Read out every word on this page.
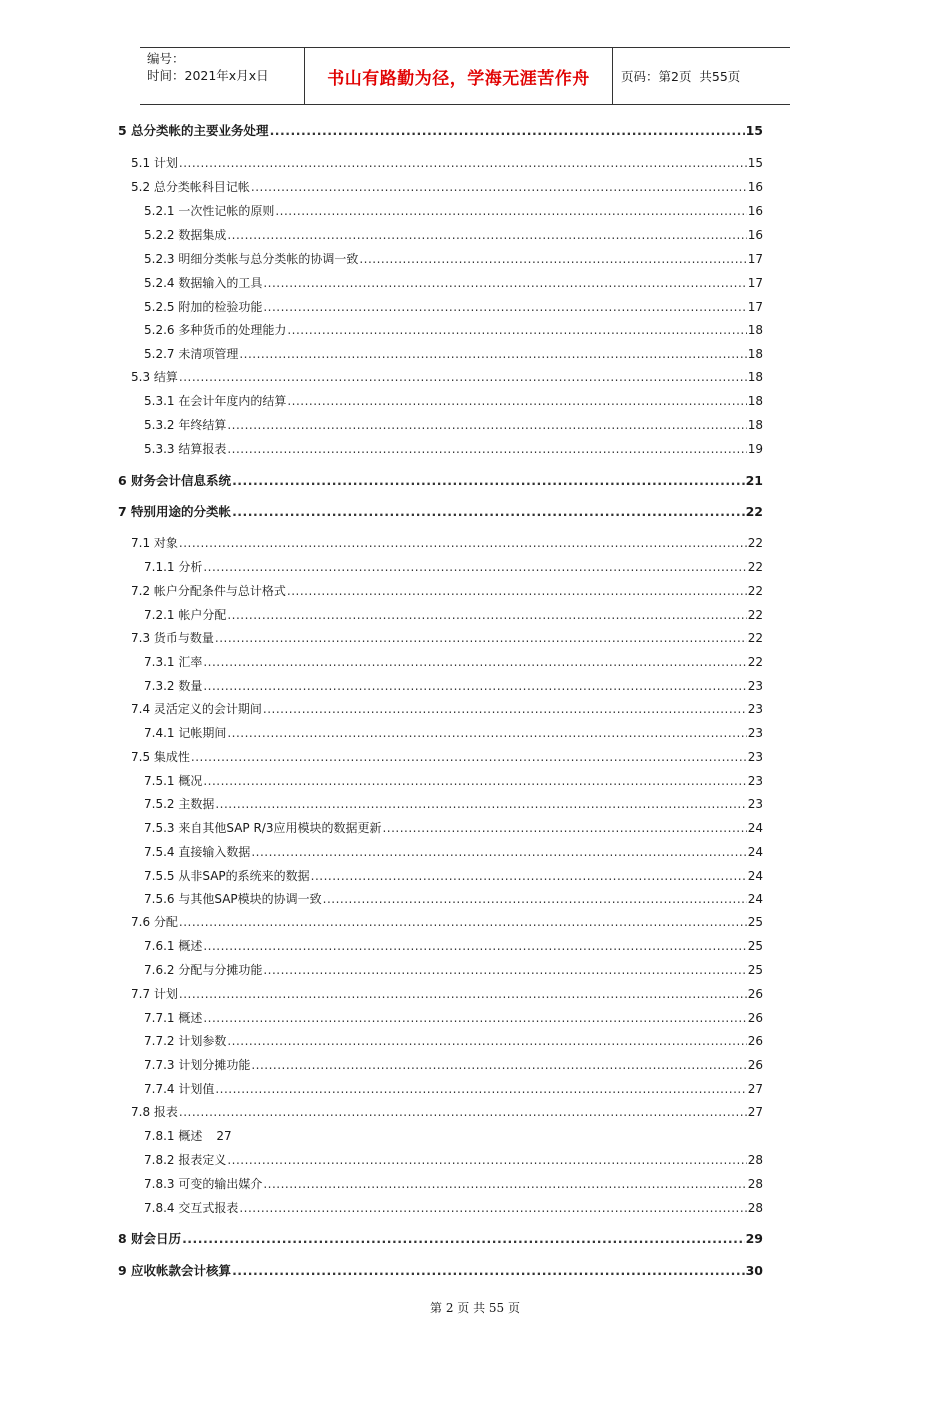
编号：
时间：2021年x月x日	书山有路勤为径，学海无涯苦作舟	页码：第2页  共55页
5 总分类帐的主要业务处理 .....	15
5.1 计划 .....	15
5.2 总分类帐科目记帐 .....	16
5.2.1 一次性记帐的原则 .....	16
5.2.2 数据集成 .....	16
5.2.3 明细分类帐与总分类帐的协调一致 .....	17
5.2.4 数据输入的工具 .....	17
5.2.5 附加的检验功能 .....	17
5.2.6 多种货币的处理能力 .....	18
5.2.7 未清项管理 .....	18
5.3 结算 .....	18
5.3.1 在会计年度内的结算 .....	18
5.3.2 年终结算 .....	18
5.3.3 结算报表 .....	19
6 财务会计信息系统 .....	21
7 特别用途的分类帐 .....	22
7.1 对象 .....	22
7.1.1 分析 .....	22
7.2 帐户分配条件与总计格式 .....	22
7.2.1 帐户分配 .....	22
7.3 货币与数量 .....	22
7.3.1 汇率 .....	22
7.3.2 数量 .....	23
7.4 灵活定义的会计期间 .....	23
7.4.1 记帐期间 .....	23
7.5 集成性 .....	23
7.5.1 概况 .....	23
7.5.2 主数据 .....	23
7.5.3 来自其他SAP R/3应用模块的数据更新 .....	24
7.5.4 直接输入数据 .....	24
7.5.5 从非SAP的系统来的数据 .....	24
7.5.6 与其他SAP模块的协调一致 .....	24
7.6 分配 .....	25
7.6.1 概述 .....	25
7.6.2 分配与分摊功能 .....	25
7.7 计划 .....	26
7.7.1 概述 .....	26
7.7.2 计划参数 .....	26
7.7.3 计划分摊功能 .....	26
7.7.4 计划值 .....	27
7.8 报表 .....	27
7.8.1 概述 27
7.8.2 报表定义 .....	28
7.8.3 可变的输出媒介 .....	28
7.8.4 交互式报表 .....	28
8 财会日历 .....	29
9 应收帐款会计核算 .....	30
第 2 页 共 55 页
